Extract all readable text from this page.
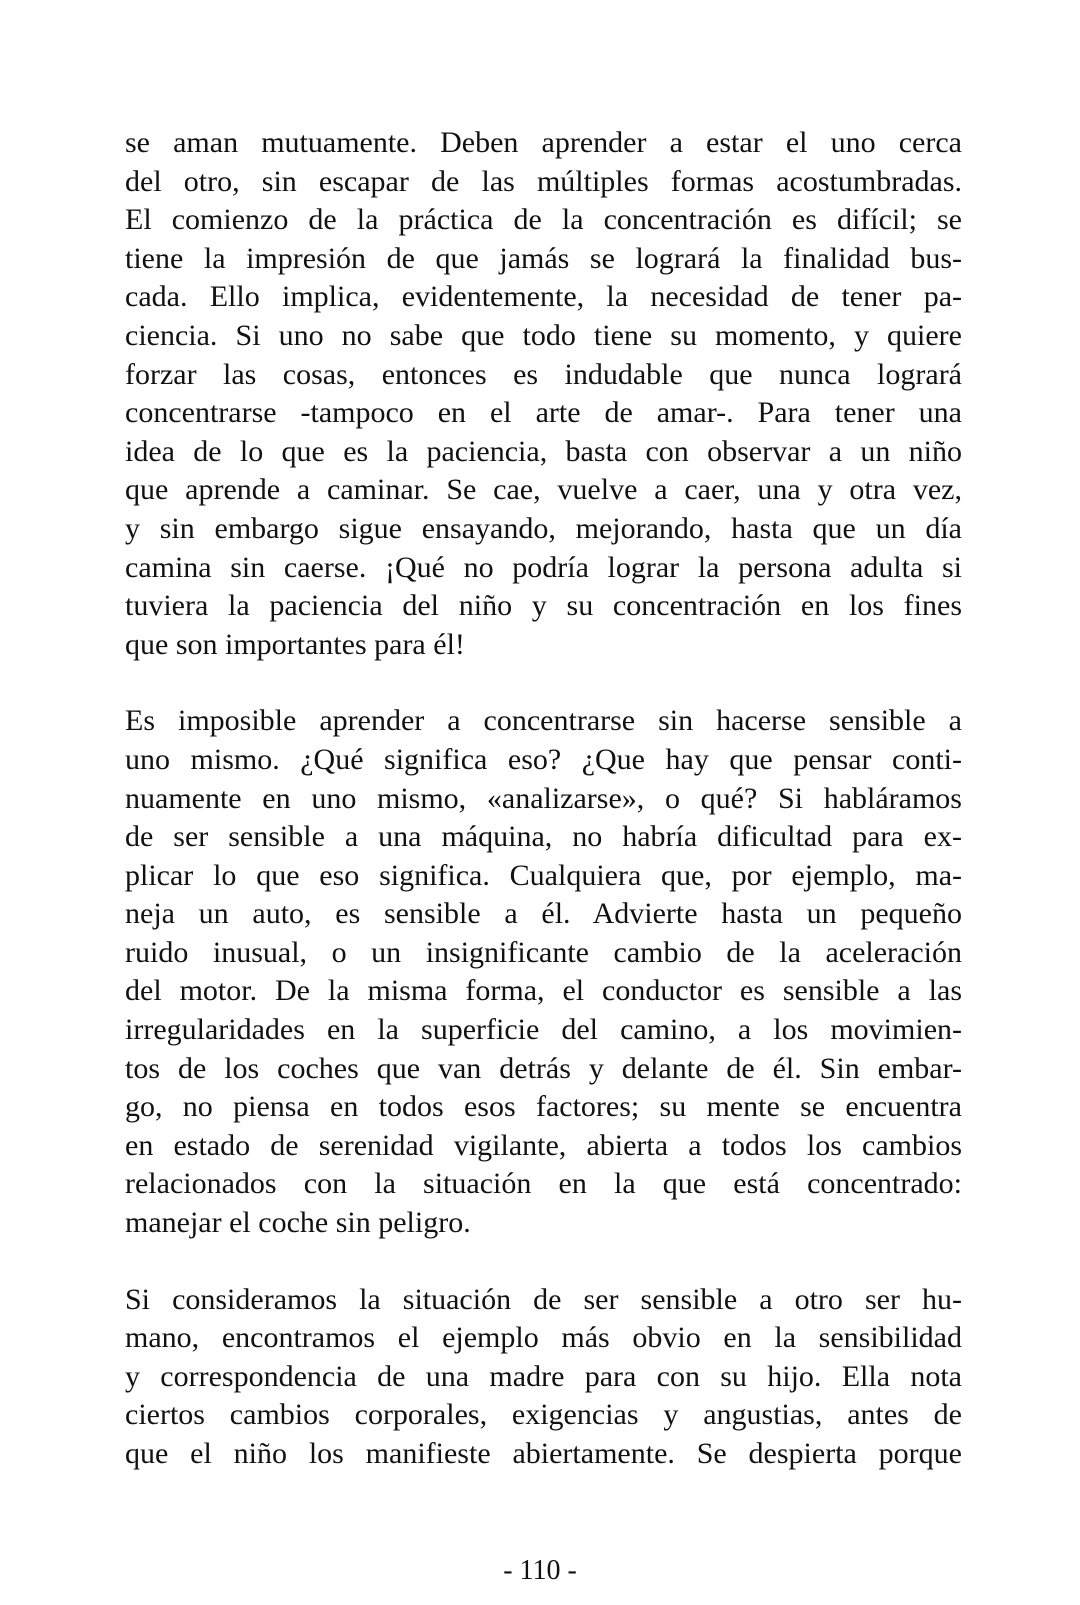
se aman mutuamente. Deben aprender a estar el uno cerca
del otro, sin escapar de las múltiples formas acostumbradas.
El comienzo de la práctica de la concentración es difícil; se
tiene la impresión de que jamás se logrará la finalidad bus-
cada. Ello implica, evidentemente, la necesidad de tener pa-
ciencia. Si uno no sabe que todo tiene su momento, y quiere
forzar las cosas, entonces es indudable que nunca logrará
concentrarse -tampoco en el arte de amar-. Para tener una
idea de lo que es la paciencia, basta con observar a un niño
que aprende a caminar. Se cae, vuelve a caer, una y otra vez,
y sin embargo sigue ensayando, mejorando, hasta que un día
camina sin caerse. ¡Qué no podría lograr la persona adulta si
tuviera la paciencia del niño y su concentración en los fines
que son importantes para él!

Es imposible aprender a concentrarse sin hacerse sensible a
uno mismo. ¿Qué significa eso? ¿Que hay que pensar conti-
nuamente en uno mismo, «analizarse», o qué? Si habláramos
de ser sensible a una máquina, no habría dificultad para ex-
plicar lo que eso significa. Cualquiera que, por ejemplo, ma-
neja un auto, es sensible a él. Advierte hasta un pequeño
ruido inusual, o un insignificante cambio de la aceleración
del motor. De la misma forma, el conductor es sensible a las
irregularidades en la superficie del camino, a los movimien-
tos de los coches que van detrás y delante de él. Sin embar-
go, no piensa en todos esos factores; su mente se encuentra
en estado de serenidad vigilante, abierta a todos los cambios
relacionados con la situación en la que está concentrado:
manejar el coche sin peligro.

Si consideramos la situación de ser sensible a otro ser hu-
mano, encontramos el ejemplo más obvio en la sensibilidad
y correspondencia de una madre para con su hijo. Ella nota
ciertos cambios corporales, exigencias y angustias, antes de
que el niño los manifieste abiertamente. Se despierta porque

- 110 -
